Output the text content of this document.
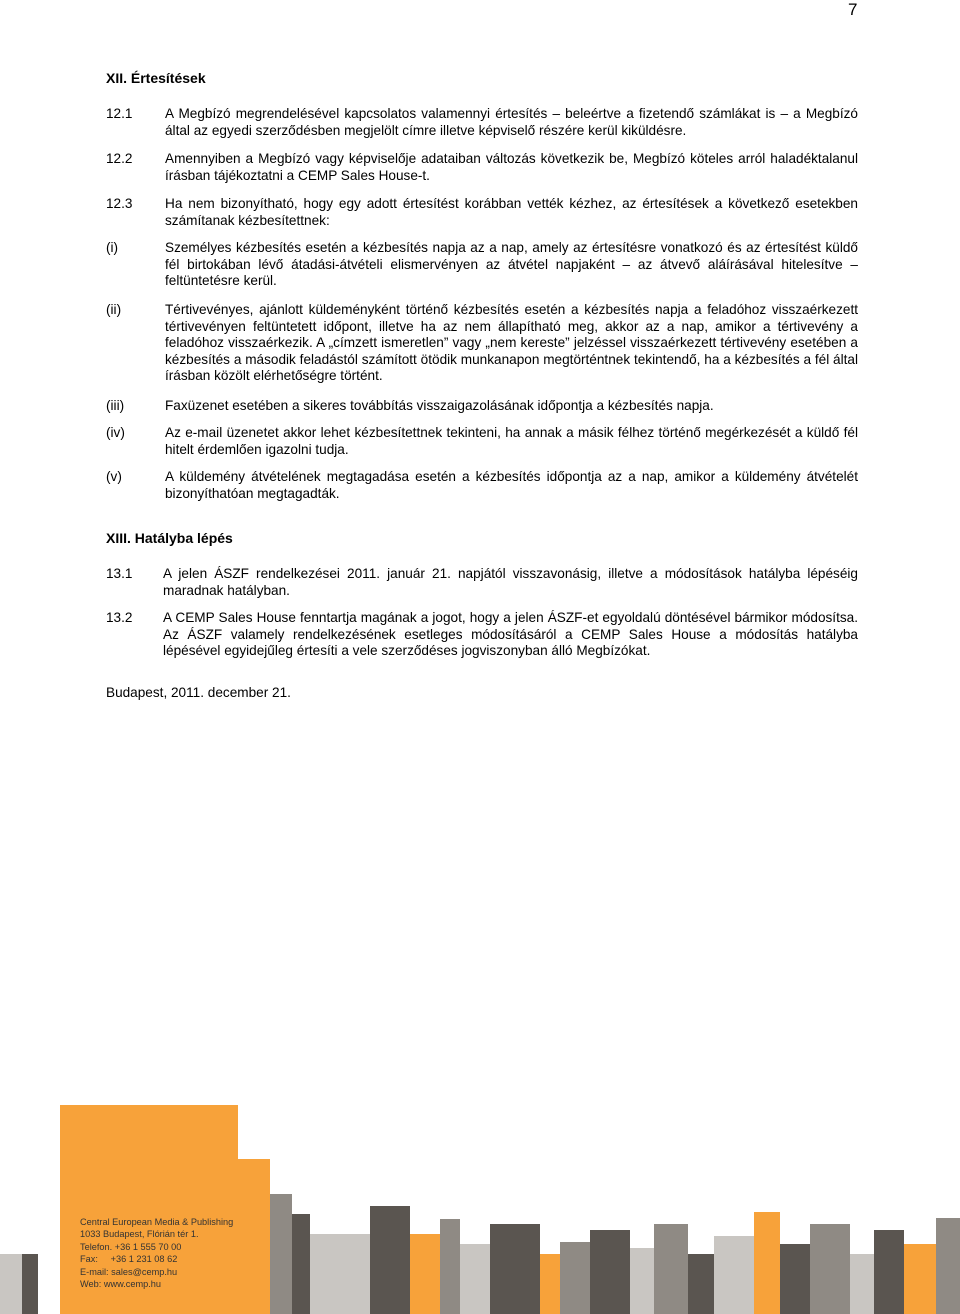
7
XII. Értesítések
12.1 A Megbízó megrendelésével kapcsolatos valamennyi értesítés – beleértve a fizetendő számlákat is – a Megbízó által az egyedi szerződésben megjelölt címre illetve képviselő részére kerül kiküldésre.
12.2 Amennyiben a Megbízó vagy képviselője adataiban változás következik be, Megbízó köteles arról haladéktalanul írásban tájékoztatni a CEMP Sales House-t.
12.3 Ha nem bizonyítható, hogy egy adott értesítést korábban vették kézhez, az értesítések a következő esetekben számítanak kézbesítettnek:
(i)	Személyes kézbesítés esetén a kézbesítés napja az a nap, amely az értesítésre vonatkozó és az értesítést küldő fél birtokában lévő átadási-átvételi elismervényen az átvétel napjaként – az átvevő aláírásával hitelesítve – feltüntetésre kerül.
(ii)	Tértivevényes, ajánlott küldeményként történő kézbesítés esetén a kézbesítés napja a feladóhoz visszaérkezett tértivevényen feltüntetett időpont, illetve ha az nem állapítható meg, akkor az a nap, amikor a tértivevény a feladóhoz visszaérkezik. A „címzett ismeretlen” vagy „nem kereste” jelzéssel visszaérkezett tértivevény esetében a kézbesítés a második feladástól számított ötödik munkanapon megtörténtnek tekintendő, ha a kézbesítés a fél által írásban közölt elérhetőségre történt.
(iii)	Faxüzenet esetében a sikeres továbbítás visszaigazolásának időpontja a kézbesítés napja.
(iv)	Az e-mail üzenetet akkor lehet kézbesítettnek tekinteni, ha annak a másik félhez történő megérkezését a küldő fél hitelt érdemlően igazolni tudja.
(v)	A küldemény átvételének megtagadása esetén a kézbesítés időpontja az a nap, amikor a küldemény átvételét bizonyíthatóan megtagadták.
XIII. Hatályba lépés
13.1 A jelen ÁSZF rendelkezései 2011. január 21. napjától visszavonásig, illetve a módosítások hatályba lépéséig maradnak hatályban.
13.2 A CEMP Sales House fenntartja magának a jogot, hogy a jelen ÁSZF-et egyoldalú döntésével bármikor módosítsa. Az ÁSZF valamely rendelkezésének esetleges módosításáról a CEMP Sales House a módosítás hatályba lépésével egyidejűleg értesíti a vele szerződéses jogviszonyban álló Megbízókat.
Budapest, 2011. december 21.
Central European Media & Publishing
1033 Budapest, Flórián tér 1.
Telefon. +36 1 555 70 00
Fax:     +36 1 231 08 62
E-mail: sales@cemp.hu
Web: www.cemp.hu
